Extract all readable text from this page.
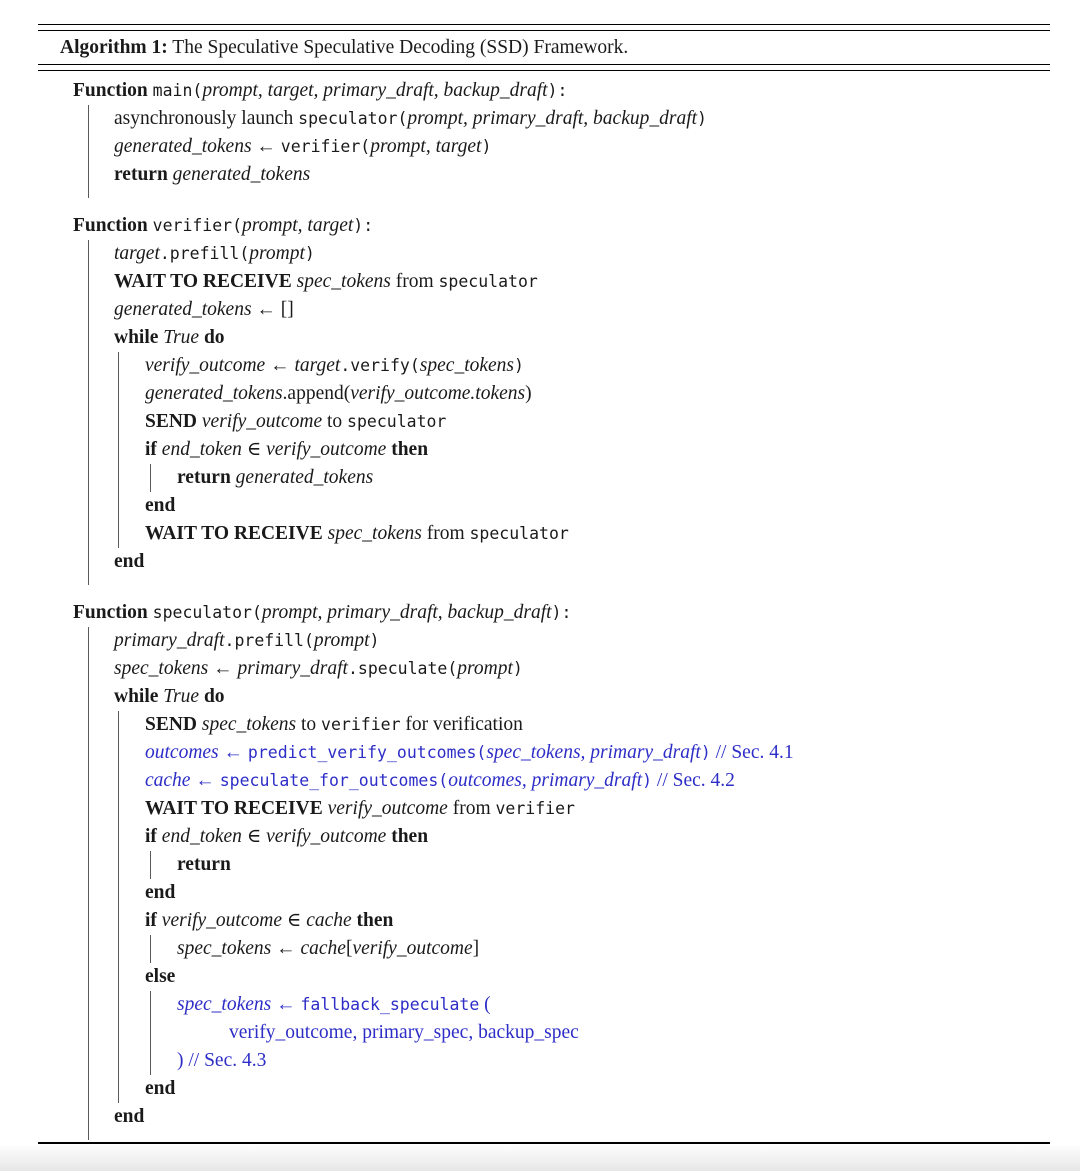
Algorithm 1: The Speculative Speculative Decoding (SSD) Framework.
Function main(prompt, target, primary_draft, backup_draft):
asynchronously launch speculator(prompt, primary_draft, backup_draft)
generated_tokens ← verifier(prompt, target)
return generated_tokens
Function verifier(prompt, target):
target.prefill(prompt)
WAIT TO RECEIVE spec_tokens from speculator
generated_tokens ← []
while True do
verify_outcome ← target.verify(spec_tokens)
generated_tokens.append(verify_outcome.tokens)
SEND verify_outcome to speculator
if end_token ∈ verify_outcome then
return generated_tokens
end
WAIT TO RECEIVE spec_tokens from speculator
end
Function speculator(prompt, primary_draft, backup_draft):
primary_draft.prefill(prompt)
spec_tokens ← primary_draft.speculate(prompt)
while True do
SEND spec_tokens to verifier for verification
outcomes ← predict_verify_outcomes(spec_tokens, primary_draft) // Sec. 4.1
cache ← speculate_for_outcomes(outcomes, primary_draft) // Sec. 4.2
WAIT TO RECEIVE verify_outcome from verifier
if end_token ∈ verify_outcome then
return
end
if verify_outcome ∈ cache then
spec_tokens ← cache[verify_outcome]
else
spec_tokens ← fallback_speculate (
verify_outcome, primary_spec, backup_spec
) // Sec. 4.3
end
end
